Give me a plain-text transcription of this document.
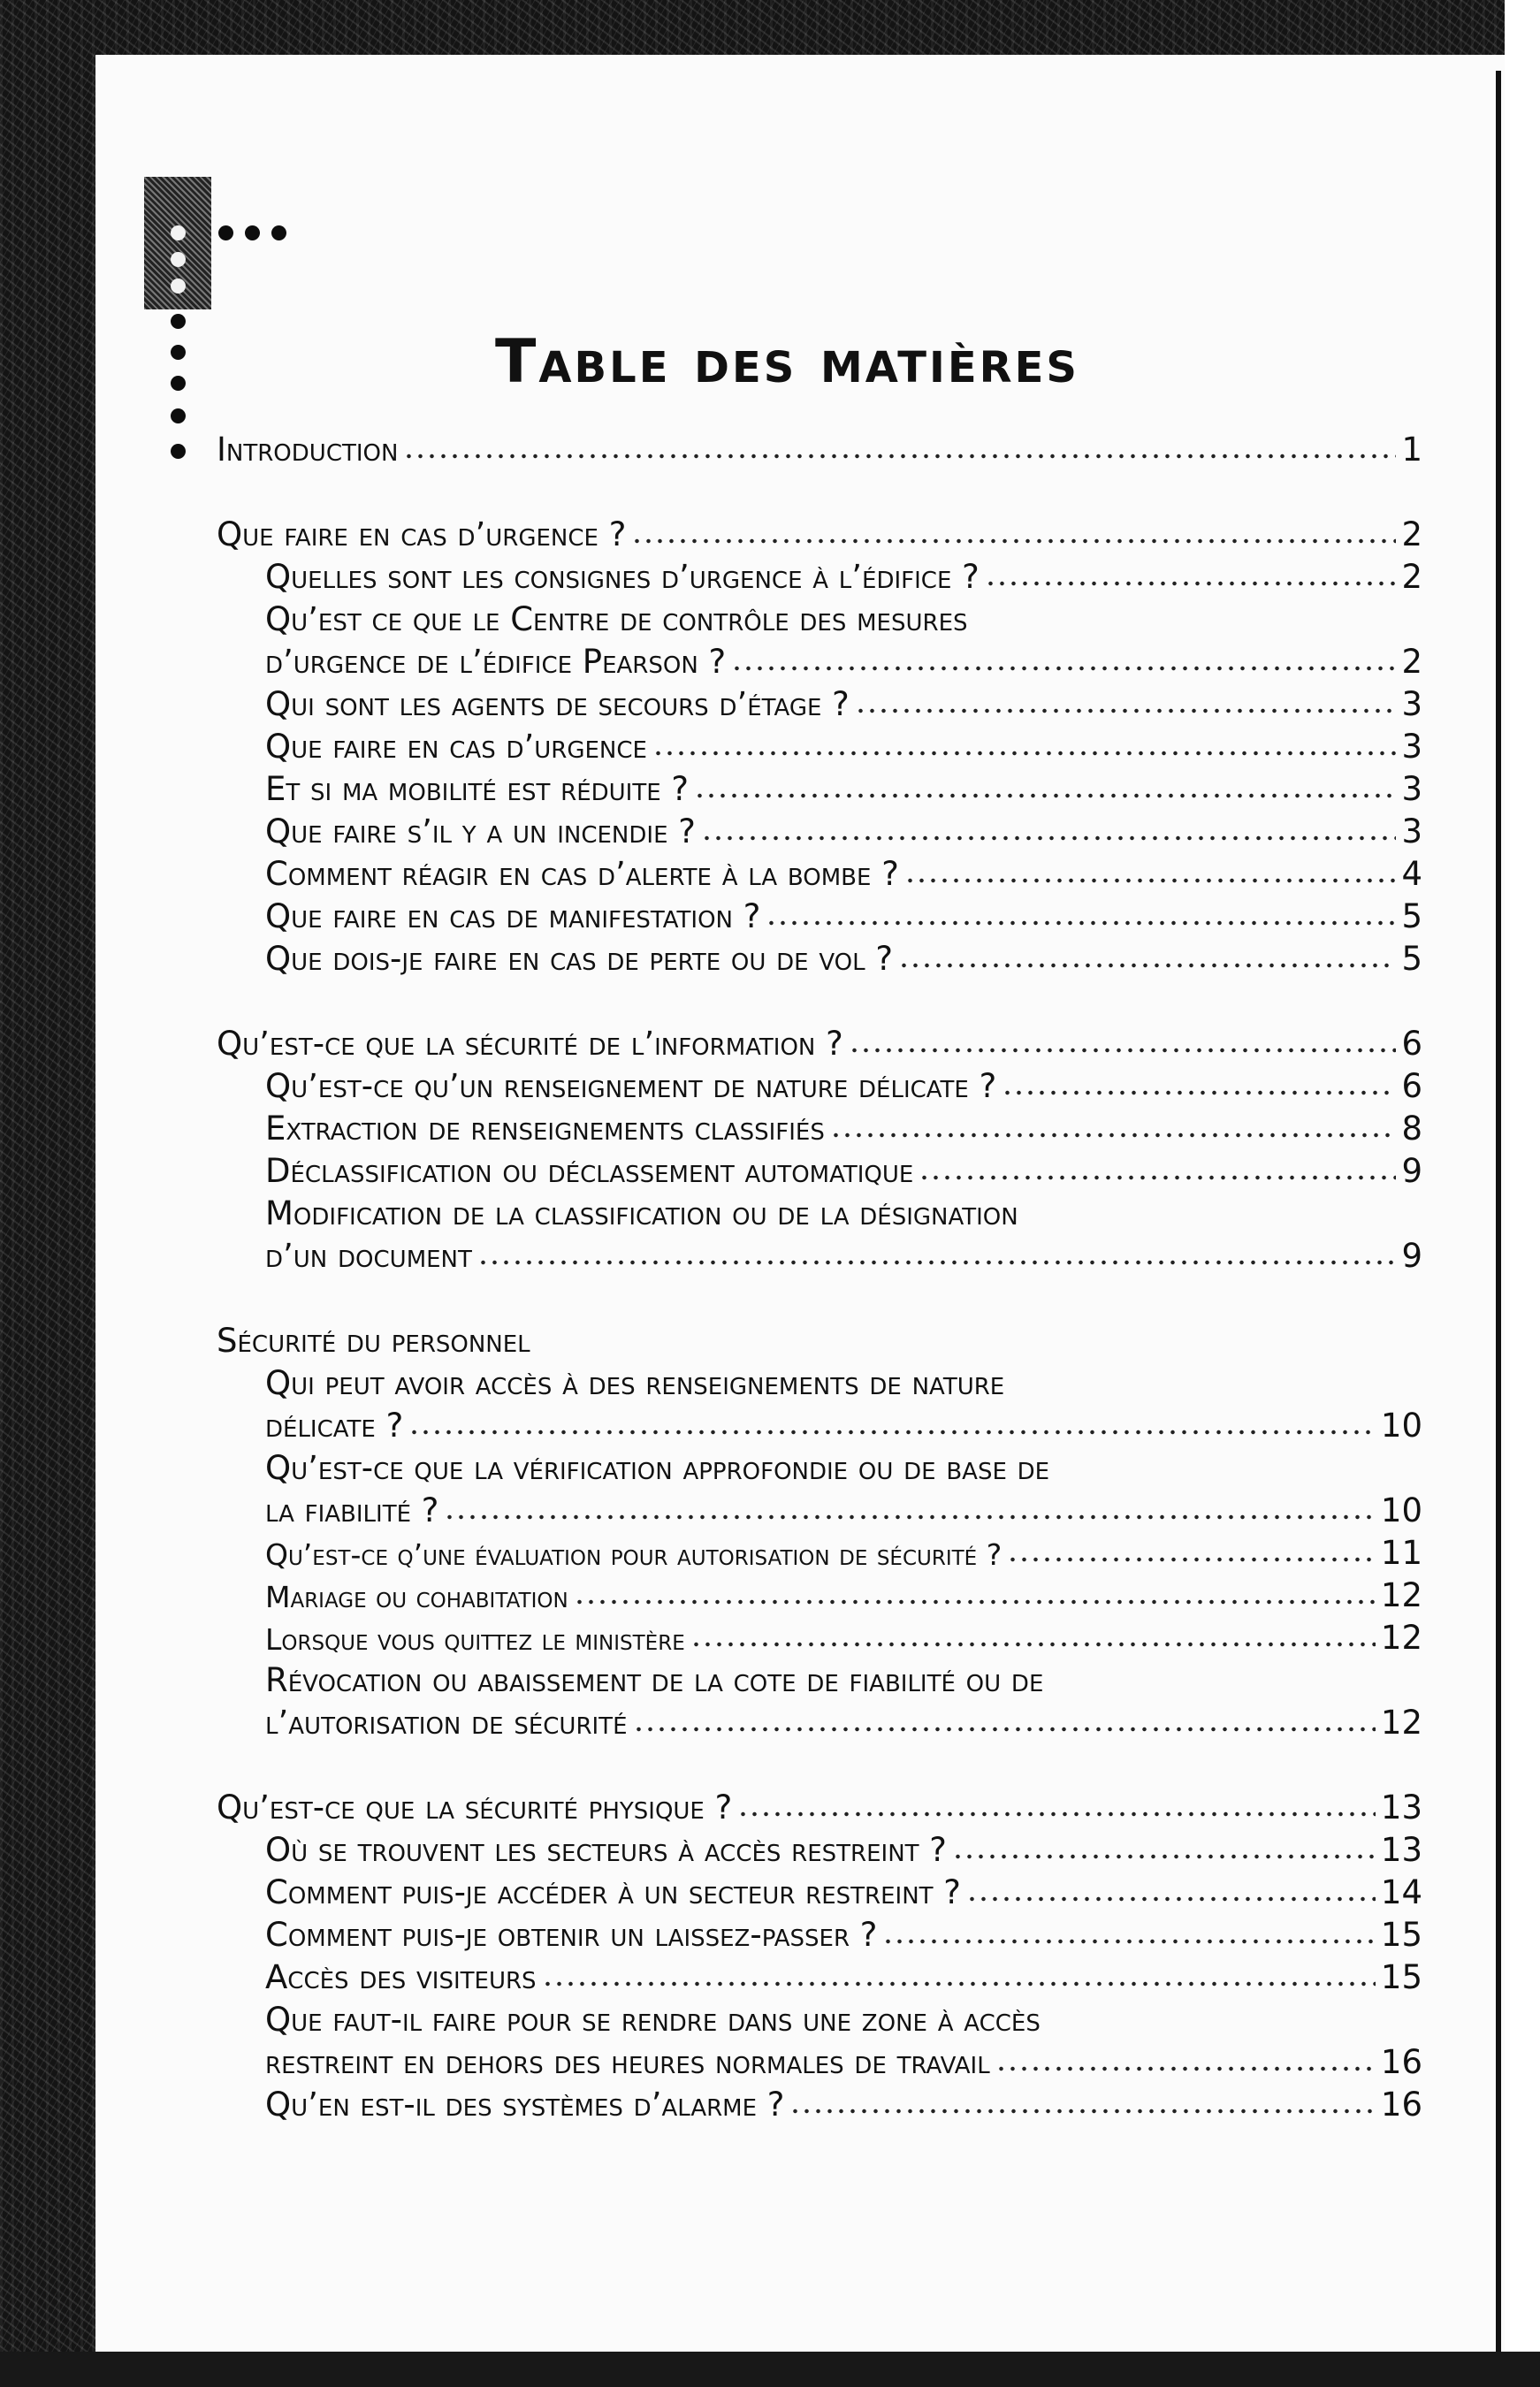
Table des matières
Introduction	1
Que faire en cas d’urgence ?	2
Quelles sont les consignes d’urgence à l’édifice ?	2
Qu’est ce que le Centre de contrôle des mesures
d’urgence de l’édifice Pearson ?	2
Qui sont les agents de secours d’étage ?	3
Que faire en cas d’urgence	3
Et si ma mobilité est réduite ?	3
Que faire s’il y a un incendie ?	3
Comment réagir en cas d’alerte à la bombe ?	4
Que faire en cas de manifestation ?	5
Que dois-je faire en cas de perte ou de vol ?	5
Qu’est-ce que la sécurité de l’information ?	6
Qu’est-ce qu’un renseignement de nature délicate ?	6
Extraction de renseignements classifiés	8
Déclassification ou déclassement automatique	9
Modification de la classification ou de la désignation
d’un document	9
Sécurité du personnel
Qui peut avoir accès à des renseignements de nature
délicate ?	10
Qu’est-ce que la vérification approfondie ou de base de
la fiabilité ?	10
Qu’est-ce q’une évaluation pour autorisation de sécurité ?	11
Mariage ou cohabitation	12
Lorsque vous quittez le ministère	12
Révocation ou abaissement de la cote de fiabilité ou de
l’autorisation de sécurité	12
Qu’est-ce que la sécurité physique ?	13
Où se trouvent les secteurs à accès restreint ?	13
Comment puis-je accéder à un secteur restreint ?	14
Comment puis-je obtenir un laissez-passer ?	15
Accès des visiteurs	15
Que faut-il faire pour se rendre dans une zone à accès
restreint en dehors des heures normales de travail	16
Qu’en est-il des systèmes d’alarme ?	16
